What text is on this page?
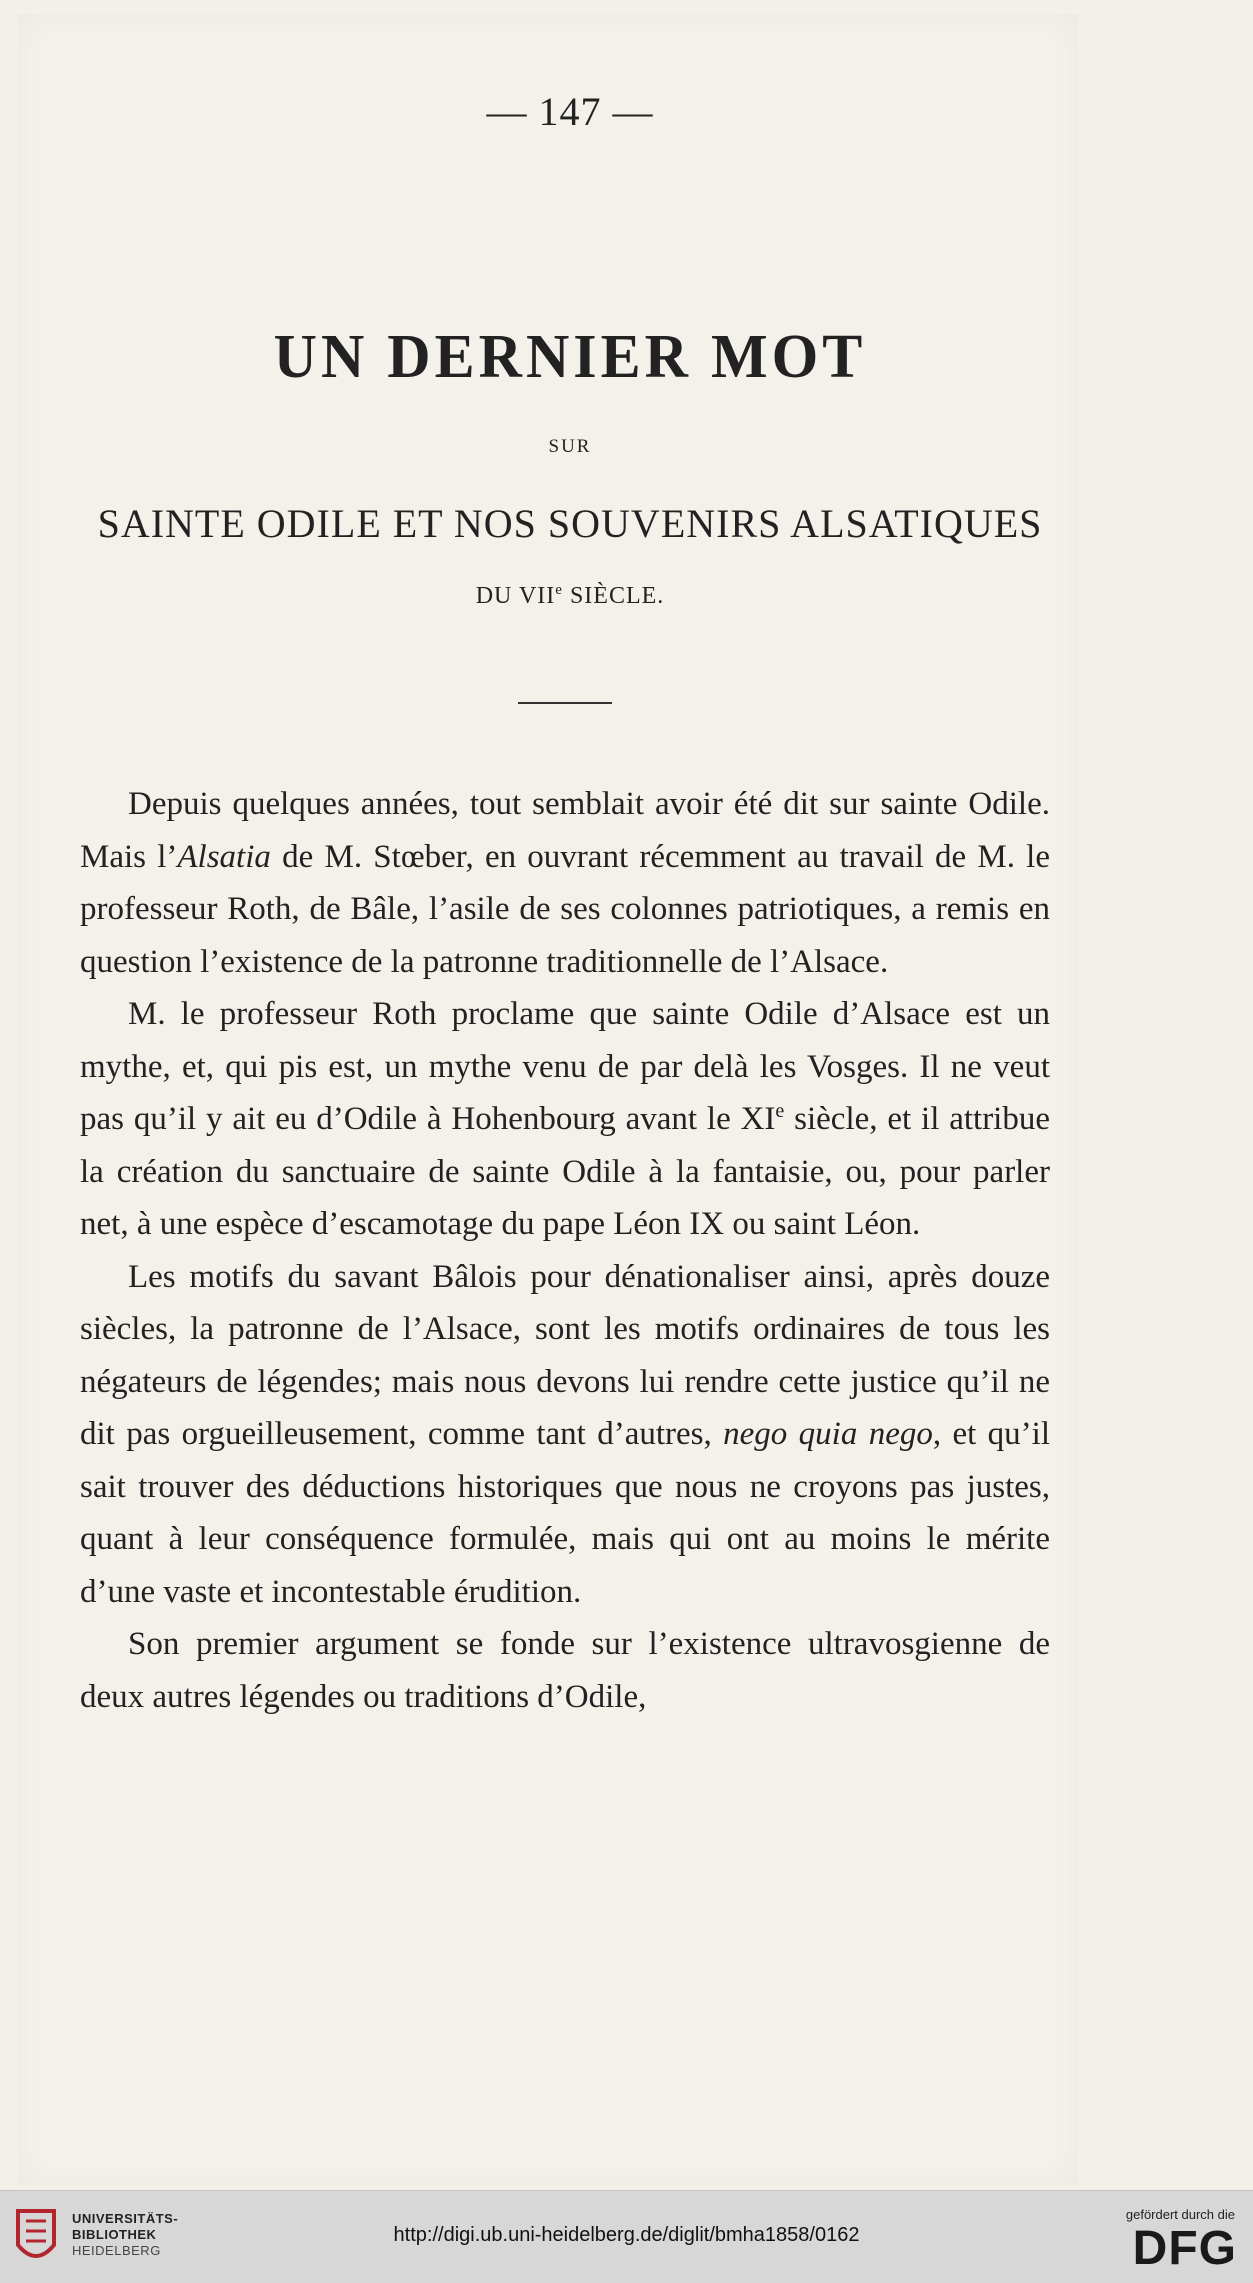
— 147 —
UN DERNIER MOT
SUR
SAINTE ODILE ET NOS SOUVENIRS ALSATIQUES
DU VIIe SIÈCLE.

Depuis quelques années, tout semblait avoir été dit sur sainte Odile. Mais l’Alsatia de M. Stœber, en ouvrant récemment au travail de M. le professeur Roth, de Bâle, l’asile de ses colonnes patriotiques, a remis en question l’existence de la patronne traditionnelle de l’Alsace.

M. le professeur Roth proclame que sainte Odile d’Alsace est un mythe, et, qui pis est, un mythe venu de par delà les Vosges. Il ne veut pas qu’il y ait eu d’Odile à Hohenbourg avant le XIe siècle, et il attribue la création du sanctuaire de sainte Odile à la fantaisie, ou, pour parler net, à une espèce d’escamotage du pape Léon IX ou saint Léon.

Les motifs du savant Bâlois pour dénationaliser ainsi, après douze siècles, la patronne de l’Alsace, sont les motifs ordinaires de tous les négateurs de légendes; mais nous devons lui rendre cette justice qu’il ne dit pas orgueilleusement, comme tant d’autres, nego quia nego, et qu’il sait trouver des déductions historiques que nous ne croyons pas justes, quant à leur conséquence formulée, mais qui ont au moins le mérite d’une vaste et incontestable érudition.

Son premier argument se fonde sur l’existence ultravosgienne de deux autres légendes ou traditions d’Odile,

UNIVERSITÄTS-
BIBLIOTHEK
HEIDELBERG
http://digi.ub.uni-heidelberg.de/diglit/bmha1858/0162
gefördert durch die
DFG
